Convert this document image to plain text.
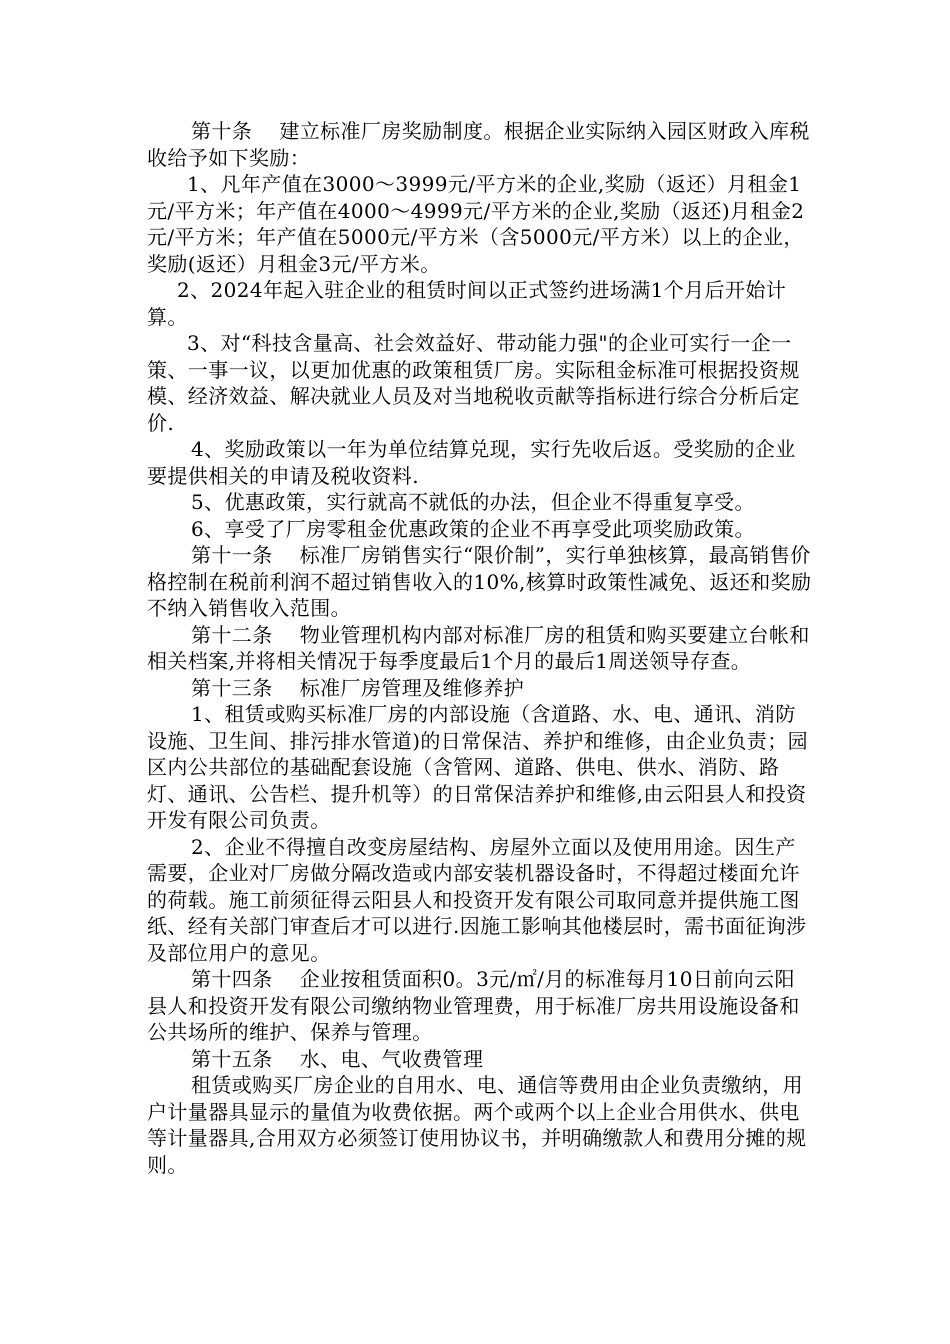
第十条　 建立标准厂房奖励制度。根据企业实际纳入园区财政入库税收给予如下奖励：

1、凡年产值在3000～3999元/平方米的企业,奖励（返还）月租金1元/平方米；年产值在4000～4999元/平方米的企业,奖励（返还)月租金2元/平方米；年产值在5000元/平方米（含5000元/平方米）以上的企业，奖励(返还）月租金3元/平方米。

2、2024年起入驻企业的租赁时间以正式签约进场满1个月后开始计算。

3、对“科技含量高、社会效益好、带动能力强"的企业可实行一企一策、一事一议，以更加优惠的政策租赁厂房。实际租金标准可根据投资规模、经济效益、解决就业人员及对当地税收贡献等指标进行综合分析后定价.

4、奖励政策以一年为单位结算兑现，实行先收后返。受奖励的企业要提供相关的申请及税收资料.

5、优惠政策，实行就高不就低的办法，但企业不得重复享受。

6、享受了厂房零租金优惠政策的企业不再享受此项奖励政策。

第十一条　 标准厂房销售实行“限价制”，实行单独核算，最高销售价格控制在税前利润不超过销售收入的10%,核算时政策性减免、返还和奖励不纳入销售收入范围。

第十二条　 物业管理机构内部对标准厂房的租赁和购买要建立台帐和相关档案,并将相关情况于每季度最后1个月的最后1周送领导存查。

第十三条　 标准厂房管理及维修养护

1、租赁或购买标准厂房的内部设施（含道路、水、电、通讯、消防设施、卫生间、排污排水管道)的日常保洁、养护和维修，由企业负责；园区内公共部位的基础配套设施（含管网、道路、供电、供水、消防、路灯、通讯、公告栏、提升机等）的日常保洁养护和维修,由云阳县人和投资开发有限公司负责。

2、企业不得擅自改变房屋结构、房屋外立面以及使用用途。因生产需要，企业对厂房做分隔改造或内部安装机器设备时，不得超过楼面允许的荷载。施工前须征得云阳县人和投资开发有限公司取同意并提供施工图纸、经有关部门审查后才可以进行.因施工影响其他楼层时，需书面征询涉及部位用户的意见。

第十四条　 企业按租赁面积0。3元/㎡/月的标准每月10日前向云阳县人和投资开发有限公司缴纳物业管理费，用于标准厂房共用设施设备和公共场所的维护、保养与管理。

第十五条　 水、电、气收费管理

租赁或购买厂房企业的自用水、电、通信等费用由企业负责缴纳，用户计量器具显示的量值为收费依据。两个或两个以上企业合用供水、供电等计量器具,合用双方必须签订使用协议书，并明确缴款人和费用分摊的规则。
